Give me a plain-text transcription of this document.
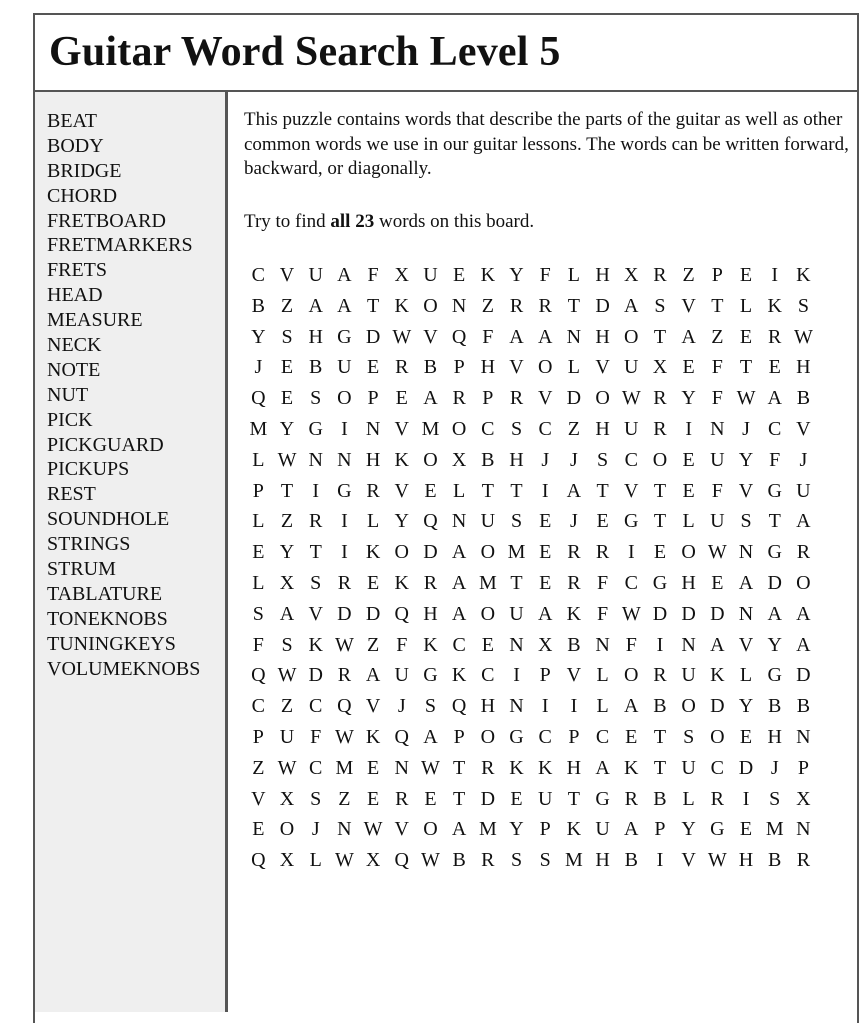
Guitar Word Search Level 5
BEAT
BODY
BRIDGE
CHORD
FRETBOARD
FRETMARKERS
FRETS
HEAD
MEASURE
NECK
NOTE
NUT
PICK
PICKGUARD
PICKUPS
REST
SOUNDHOLE
STRINGS
STRUM
TABLATURE
TONEKNOBS
TUNINGKEYS
VOLUMEKNOBS

This puzzle contains words that describe the parts of the guitar as well as other common words we use in our guitar lessons. The words can be written forward, backward, or diagonally.

Try to find all 23 words on this board.

C V U A F X U E K Y F L H X R Z P E I K
B Z A A T K O N Z R R T D A S V T L K S
Y S H G D W V Q F A A N H O T A Z E R W
J E B U E R B P H V O L V U X E F T E H
Q E S O P E A R P R V D O W R Y F W A B
M Y G I N V M O C S C Z H U R I N J C V
L W N N H K O X B H J	J S C O E U Y F J
P T I G R V E L T T I A T V T E F V G U
L Z R I L Y Q N U S E J E G T L U S T A
E Y T I K O D A O M E R R I E O W N G R
L X S R E K R A M T E R F C G H E A D O
S A V D D Q H A O U A K F W D D D N A A
F S K W Z F K C E N X B N F I N A V Y A
Q W D R A U G K C I P V L O R U K L G D
C Z C Q V J S Q H N I	I L A B O D Y B B
P U F W K Q A P O G C P C E T S O E H N
Z W C M E N W T R K K H A K T U C D J P
V X S Z E R E T D E U T G R B L R I S X
E O J N W V O A M Y P K U A P Y G E M N
Q X L W X Q W B R S S M H B I V W H B R
